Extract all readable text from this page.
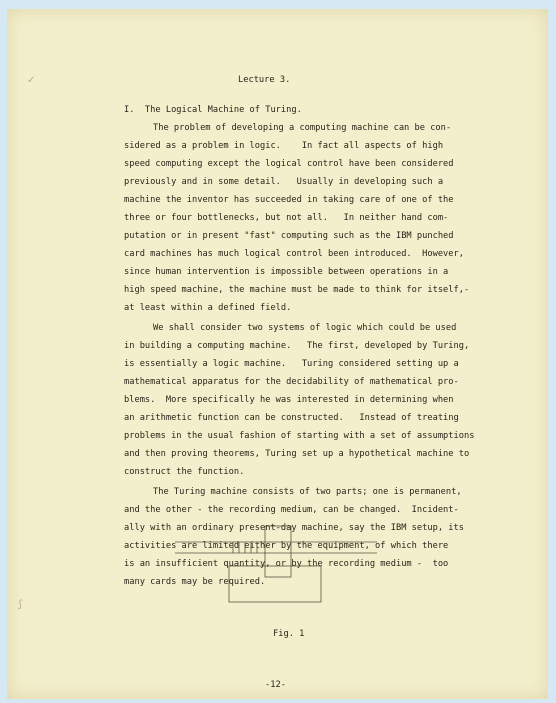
✓
ʃ
Lecture 3.
I.  The Logical Machine of Turing.
The problem of developing a computing machine can be con-
sidered as a problem in logic.    In fact all aspects of high
speed computing except the logical control have been considered
previously and in some detail.   Usually in developing such a
machine the inventor has succeeded in taking care of one of the
three or four bottlenecks, but not all.   In neither hand com-
putation or in present "fast" computing such as the IBM punched
card machines has much logical control been introduced.  However,
since human intervention is impossible between operations in a
high speed machine, the machine must be made to think for itself,-
at least within a defined field.
We shall consider two systems of logic which could be used
in building a computing machine.   The first, developed by Turing,
is essentially a logic machine.   Turing considered setting up a
mathematical apparatus for the decidability of mathematical pro-
blems.  More specifically he was interested in determining when
an arithmetic function can be constructed.   Instead of treating
problems in the usual fashion of starting with a set of assumptions
and then proving theorems, Turing set up a hypothetical machine to
construct the function.
The Turing machine consists of two parts; one is permanent,
and the other - the recording medium, can be changed.  Incident-
ally with an ordinary present-day machine, say the IBM setup, its
activities are limited either by the equipment, of which there
is an insufficient quantity, or by the recording medium -  too
many cards may be required.
Fig. 1
-12-
